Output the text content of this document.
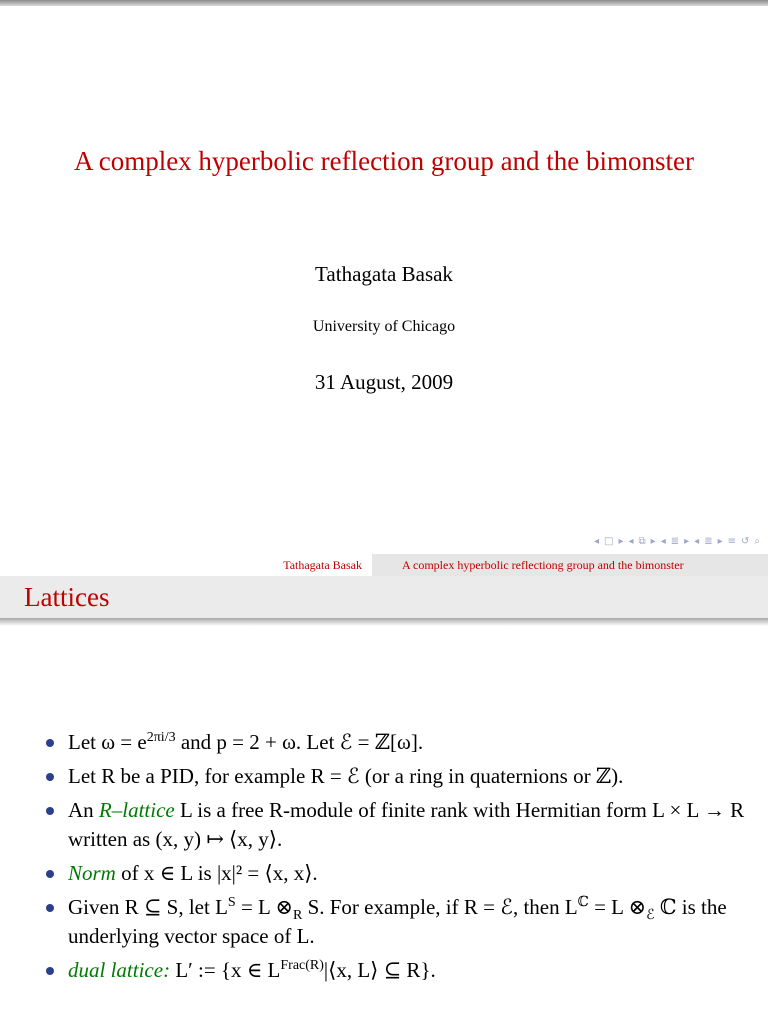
A complex hyperbolic reflection group and the bimonster
Tathagata Basak
University of Chicago
31 August, 2009
◂ □ ▸ ◂ ⧉ ▸ ◂ ≣ ▸ ◂ ≣ ▸ ≡ ↺ ⌕
Tathagata Basak	A complex hyperbolic reflectiong group and the bimonster
Lattices
Let $\omega = e^{2\pi i/3}$ and p = 2 + ω. Let ℰ = ℤ[ω].
Let R be a PID, for example R = ℰ (or a ring in quaternions or ℤ).
An R–lattice L is a free R-module of finite rank with Hermitian form L × L → R written as (x, y) ↦ ⟨x, y⟩.
Norm of x ∈ L is |x|² = ⟨x, x⟩.
Given R ⊆ S, let $L^S = L$ $\otimes_R$ S. For example, if R = ℰ, then $L^ℂ = L$ $\otimes_ℰ$ ℂ is the underlying vector space of L.
dual lattice: L′ := {x ∈ $L^{Frac(R)}|⟨x$, L⟩ ⊆ R}.
